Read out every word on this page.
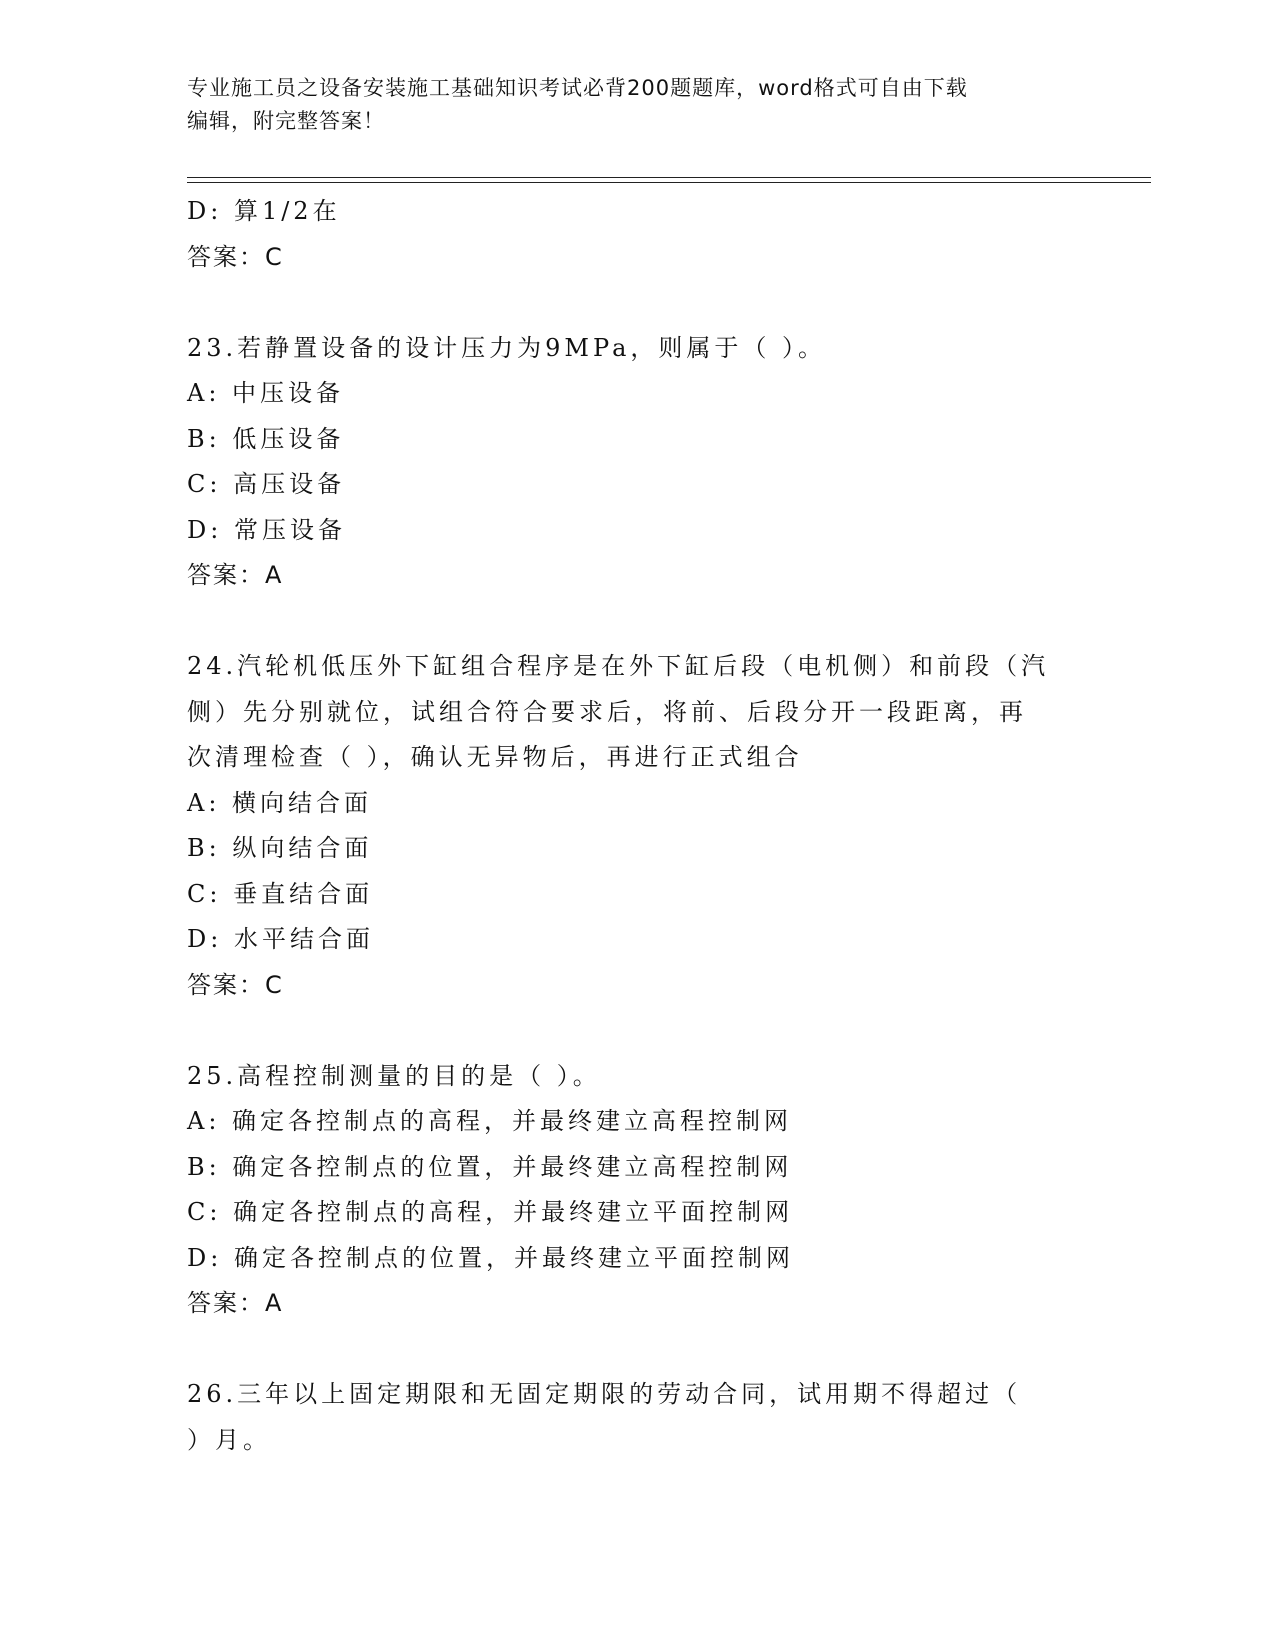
专业施工员之设备安装施工基础知识考试必背200题题库，word格式可自由下载
编辑，附完整答案！
D: 算1/2在
答案：C
23.若静置设备的设计压力为9MPa，则属于（ ）。
A: 中压设备
B: 低压设备
C: 高压设备
D: 常压设备
答案：A
24.汽轮机低压外下缸组合程序是在外下缸后段（电机侧）和前段（汽
侧）先分别就位，试组合符合要求后，将前、后段分开一段距离，再
次清理检查（ ），确认无异物后，再进行正式组合
A: 横向结合面
B: 纵向结合面
C: 垂直结合面
D: 水平结合面
答案：C
25.高程控制测量的目的是（ ）。
A: 确定各控制点的高程，并最终建立高程控制网
B: 确定各控制点的位置，并最终建立高程控制网
C: 确定各控制点的高程，并最终建立平面控制网
D: 确定各控制点的位置，并最终建立平面控制网
答案：A
26.三年以上固定期限和无固定期限的劳动合同，试用期不得超过（
）月。
